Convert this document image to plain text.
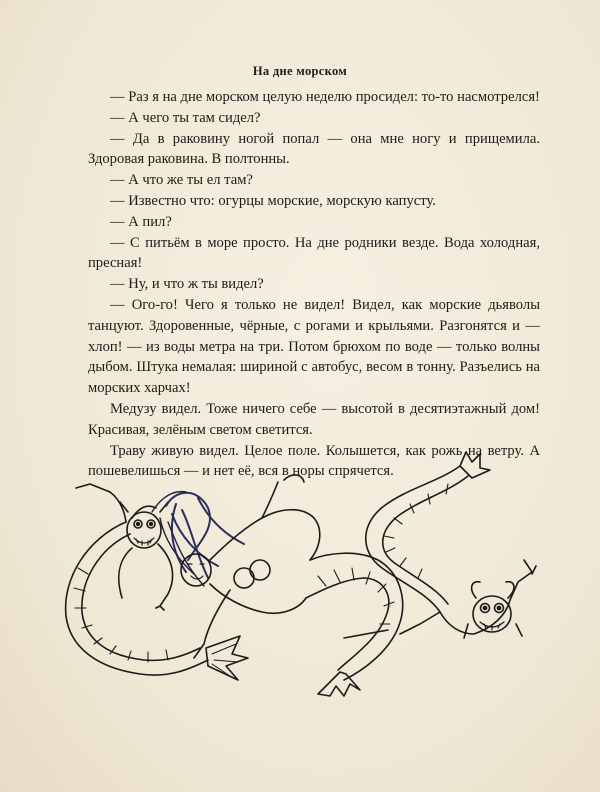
На дне морском

— Раз я на дне морском целую неделю просидел: то-то насмотрелся!

— А чего ты там сидел?

— Да в раковину ногой попал — она мне ногу и прищемила. Здоровая раковина. В полтонны.

— А что же ты ел там?

— Известно что: огурцы морские, морскую капусту.

— А пил?

— С питьём в море просто. На дне родники везде. Вода холодная, пресная!

— Ну, и что ж ты видел?

— Ого-го! Чего я только не видел! Видел, как морские дьяволы танцуют. Здоровенные, чёрные, с рогами и крыльями. Разгонятся и — хлоп! — из воды метра на три. Потом брюхом по воде — только волны дыбом. Штука немалая: шириной с автобус, весом в тонну. Разъелись на морских харчах!

Медузу видел. Тоже ничего себе — высотой в десятиэтажный дом! Красивая, зелёным светом светится.

Траву живую видел. Целое поле. Колышется, как рожь на ветру. А пошевелишься — и нет её, вся в норы спрячется.
